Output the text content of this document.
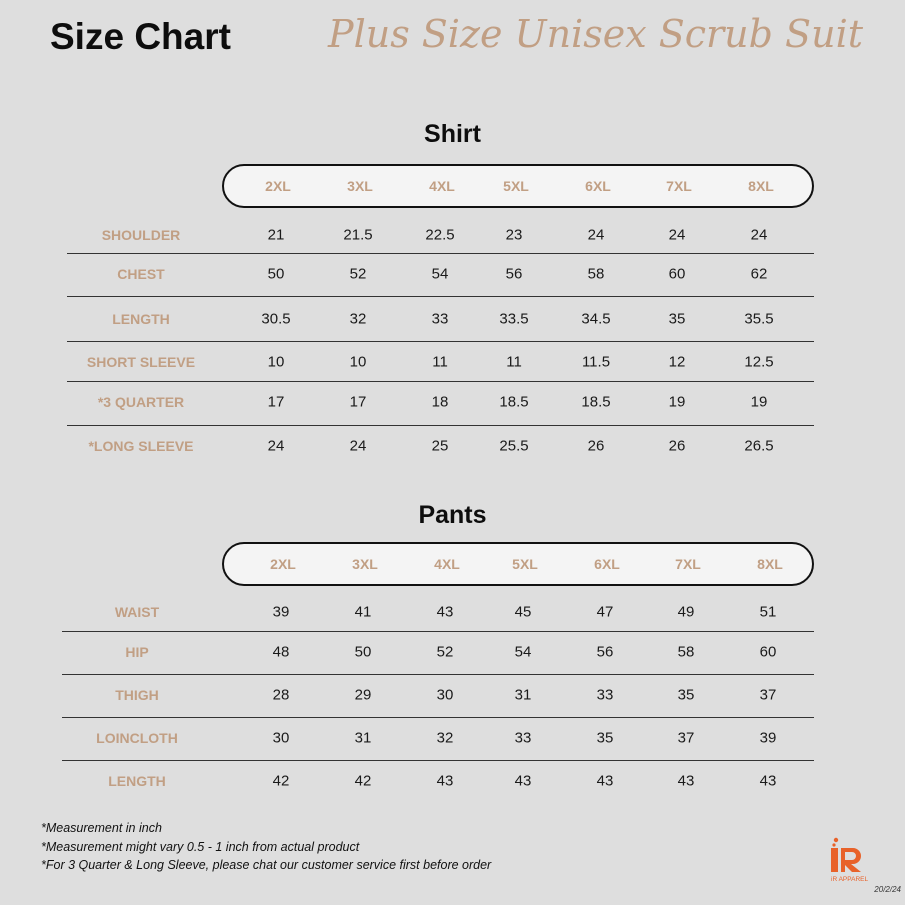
Size Chart	Plus Size Unisex Scrub Suit
Shirt
2XL	3XL	4XL	5XL	6XL	7XL	8XL
SHOULDER	21	21.5	22.5	23	24	24	24
CHEST	50	52	54	56	58	60	62
LENGTH	30.5	32	33	33.5	34.5	35	35.5
SHORT SLEEVE	10	10	11	11	11.5	12	12.5
*3 QUARTER	17	17	18	18.5	18.5	19	19
*LONG SLEEVE	24	24	25	25.5	26	26	26.5
Pants
2XL	3XL	4XL	5XL	6XL	7XL	8XL
WAIST	39	41	43	45	47	49	51
HIP	48	50	52	54	56	58	60
THIGH	28	29	30	31	33	35	37
LOINCLOTH	30	31	32	33	35	37	39
LENGTH	42	42	43	43	43	43	43
*Measurement in inch
*Measurement might vary 0.5 - 1 inch from actual product
*For 3 Quarter & Long Sleeve, please chat our customer service first before order
iR APPAREL
20/2/24
